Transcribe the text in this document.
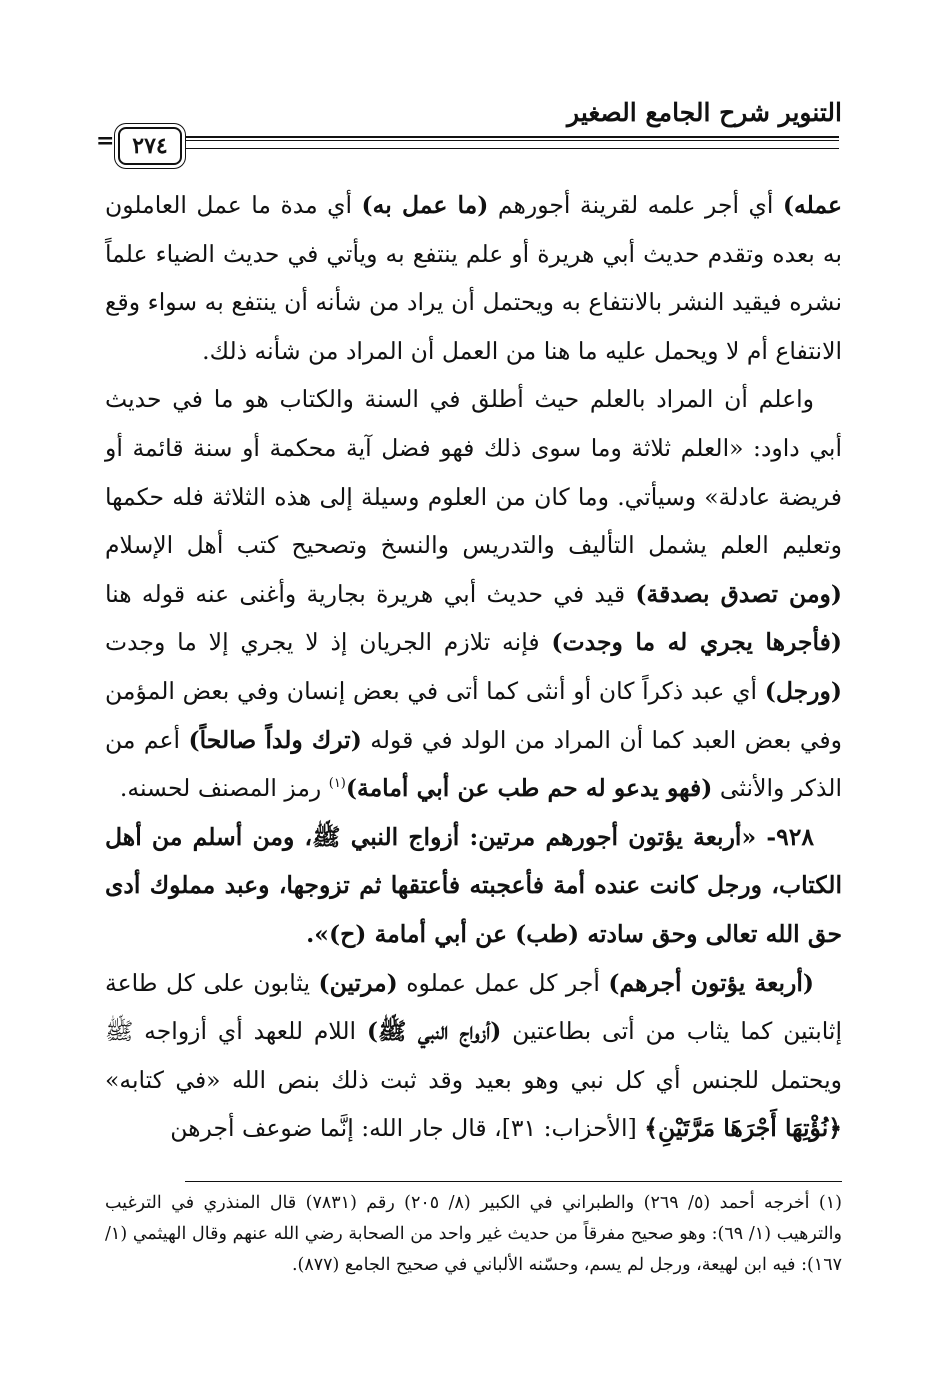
التنوير شرح الجامع الصغير
= ٢٧٤

عمله) أي أجر علمه لقرينة أجورهم (ما عمل به) أي مدة ما عمل العاملون به بعده وتقدم حديث أبي هريرة أو علم ينتفع به ويأتي في حديث الضياء علماً نشره فيقيد النشر بالانتفاع به ويحتمل أن يراد من شأنه أن ينتفع به سواء وقع الانتفاع أم لا ويحمل عليه ما هنا من العمل أن المراد من شأنه ذلك.

واعلم أن المراد بالعلم حيث أطلق في السنة والكتاب هو ما في حديث أبي داود: «العلم ثلاثة وما سوى ذلك فهو فضل آية محكمة أو سنة قائمة أو فريضة عادلة» وسيأتي. وما كان من العلوم وسيلة إلى هذه الثلاثة فله حكمها وتعليم العلم يشمل التأليف والتدريس والنسخ وتصحيح كتب أهل الإسلام (ومن تصدق بصدقة) قيد في حديث أبي هريرة بجارية وأغنى عنه قوله هنا (فأجرها يجري له ما وجدت) فإنه تلازم الجريان إذ لا يجري إلا ما وجدت (ورجل) أي عبد ذكراً كان أو أنثى كما أتى في بعض إنسان وفي بعض المؤمن وفي بعض العبد كما أن المراد من الولد في قوله (ترك ولداً صالحاً) أعم من الذكر والأنثى (فهو يدعو له حم طب عن أبي أمامة)$^{(١)}$ رمز المصنف لحسنه.

٩٢٨- «أربعة يؤتون أجورهم مرتين: أزواج النبي ﷺ، ومن أسلم من أهل الكتاب، ورجل كانت عنده أمة فأعجبته فأعتقها ثم تزوجها، وعبد مملوك أدى حق الله تعالى وحق سادته (طب) عن أبي أمامة (ح)».

(أربعة يؤتون أجرهم) أجر كل عمل عملوه (مرتين) يثابون على كل طاعة إثابتين كما يثاب من أتى بطاعتين (أزواج النبي ﷺ) اللام للعهد أي أزواجه ﷺ ويحتمل للجنس أي كل نبي وهو بعيد وقد ثبت ذلك بنص الله «في كتابه» ﴿نُؤْتِهَا أَجْرَهَا مَرَّتَيْنِ﴾ [الأحزاب: ٣١]، قال جار الله: إنَّما ضوعف أجرهن

(١) أخرجه أحمد (٥/ ٢٦٩) والطبراني في الكبير (٨/ ٢٠٥) رقم (٧٨٣١) قال المنذري في الترغيب والترهيب (١/ ٦٩): وهو صحيح مفرقاً من حديث غير واحد من الصحابة رضي الله عنهم وقال الهيثمي (١/ ١٦٧): فيه ابن لهيعة، ورجل لم يسم، وحسّنه الألباني في صحيح الجامع (٨٧٧).
